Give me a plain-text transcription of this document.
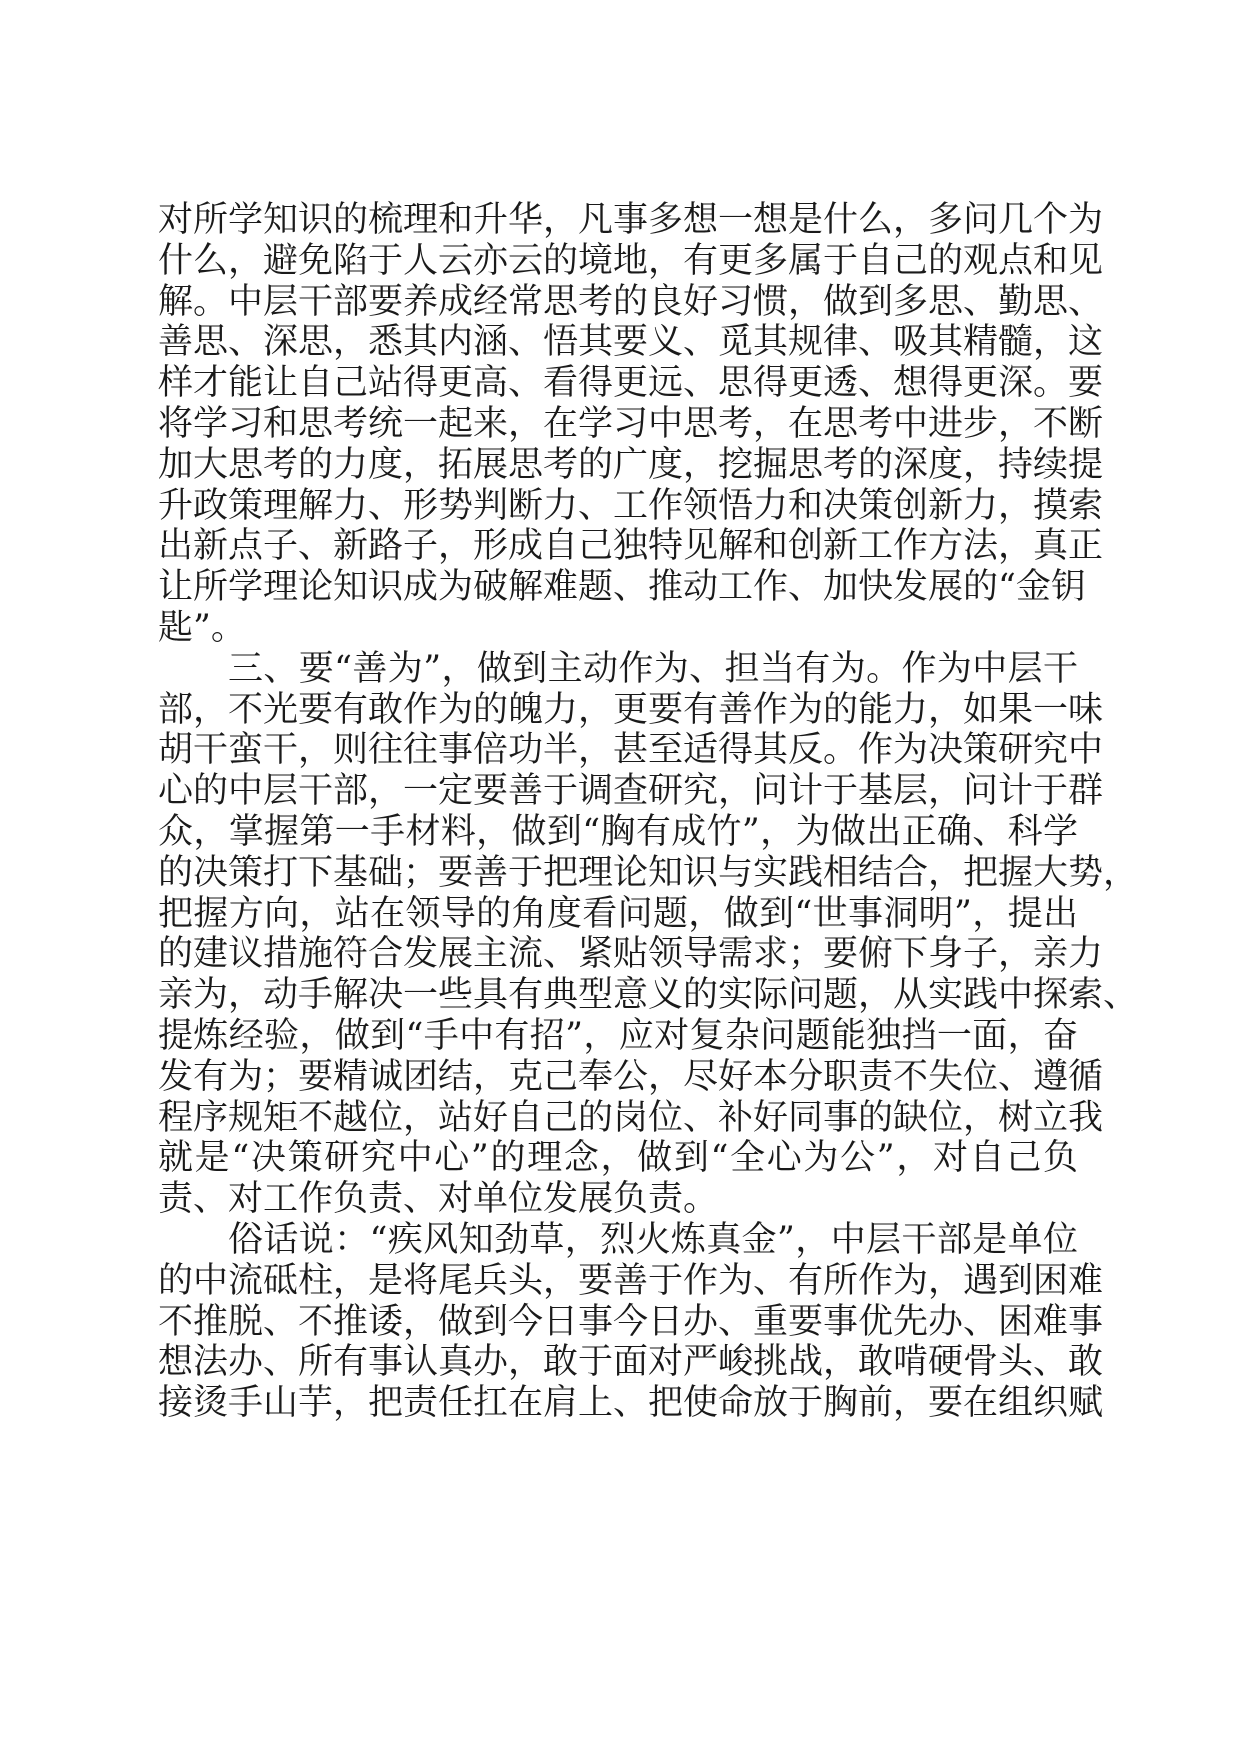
对所学知识的梳理和升华，凡事多想一想是什么，多问几个为
什么，避免陷于人云亦云的境地，有更多属于自己的观点和见
解。中层干部要养成经常思考的良好习惯，做到多思、勤思、
善思、深思，悉其内涵、悟其要义、觅其规律、吸其精髓，这
样才能让自己站得更高、看得更远、思得更透、想得更深。要
将学习和思考统一起来，在学习中思考，在思考中进步，不断
加大思考的力度，拓展思考的广度，挖掘思考的深度，持续提
升政策理解力、形势判断力、工作领悟力和决策创新力，摸索
出新点子、新路子，形成自己独特见解和创新工作方法，真正
让所学理论知识成为破解难题、推动工作、加快发展的“金钥
匙”。
三、要“善为”，做到主动作为、担当有为。作为中层干
部，不光要有敢作为的魄力，更要有善作为的能力，如果一味
胡干蛮干，则往往事倍功半，甚至适得其反。作为决策研究中
心的中层干部，一定要善于调查研究，问计于基层，问计于群
众，掌握第一手材料，做到“胸有成竹”，为做出正确、科学
的决策打下基础；要善于把理论知识与实践相结合，把握大势，
把握方向，站在领导的角度看问题，做到“世事洞明”，提出
的建议措施符合发展主流、紧贴领导需求；要俯下身子，亲力
亲为，动手解决一些具有典型意义的实际问题，从实践中探索、
提炼经验，做到“手中有招”，应对复杂问题能独挡一面，奋
发有为；要精诚团结，克己奉公，尽好本分职责不失位、遵循
程序规矩不越位，站好自己的岗位、补好同事的缺位，树立我
就是“决策研究中心”的理念，做到“全心为公”，对自己负
责、对工作负责、对单位发展负责。
俗话说：“疾风知劲草，烈火炼真金”，中层干部是单位
的中流砥柱，是将尾兵头，要善于作为、有所作为，遇到困难
不推脱、不推诿，做到今日事今日办、重要事优先办、困难事
想法办、所有事认真办，敢于面对严峻挑战，敢啃硬骨头、敢
接烫手山芋，把责任扛在肩上、把使命放于胸前，要在组织赋
